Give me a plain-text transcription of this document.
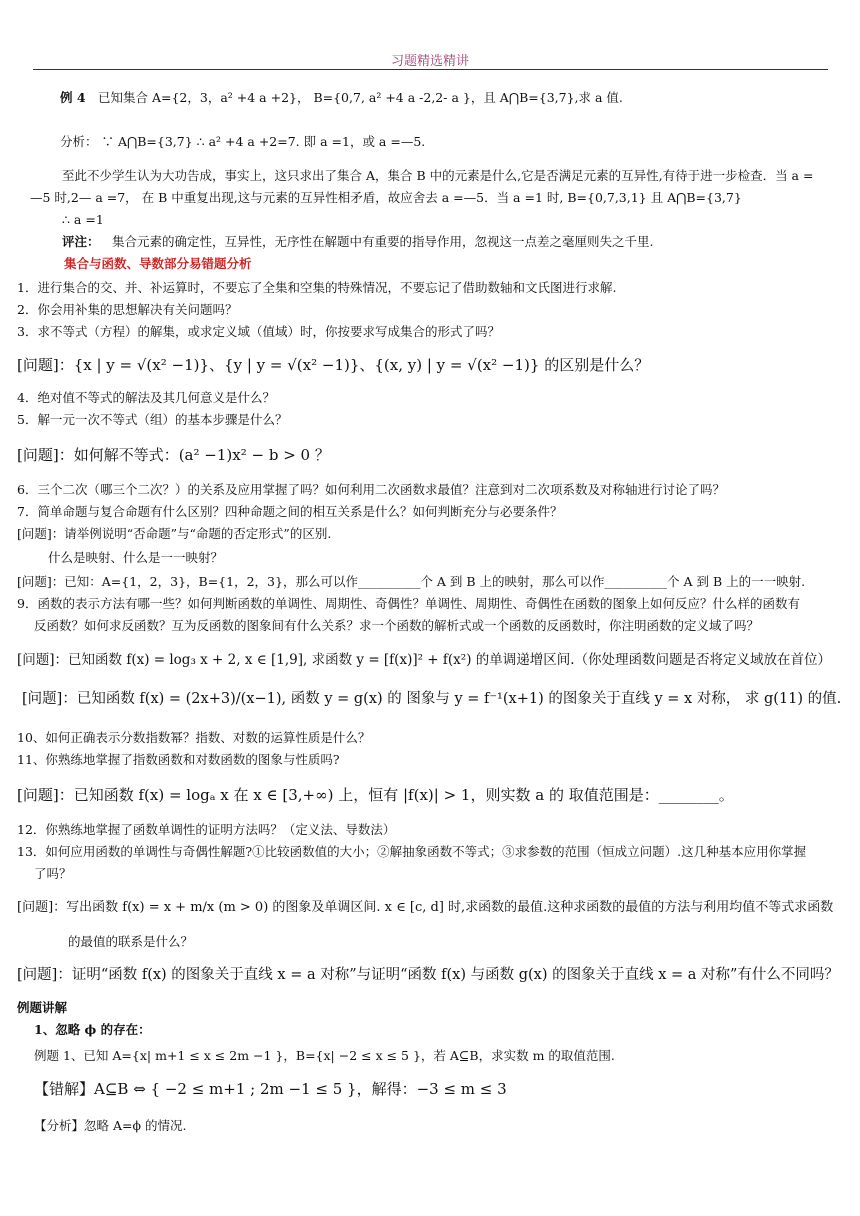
习题精选精讲
例 4 已知集合 A={2，3，a² +4 a +2}， B={0,7, a² +4 a -2,2- a }，且 A⋂B={3,7},求 a 值.
分析： ∵ A⋂B={3,7} ∴ a² +4 a +2=7. 即 a =1，或 a =—5.
至此不少学生认为大功告成，事实上，这只求出了集合 A，集合 B 中的元素是什么,它是否满足元素的互异性,有待于进一步检查．当 a =
—5 时,2— a =7， 在 B 中重复出现,这与元素的互异性相矛盾，故应舍去 a =—5．当 a =1 时, B={0,7,3,1} 且 A⋂B={3,7}
∴ a =1
评注： 集合元素的确定性，互异性，无序性在解题中有重要的指导作用，忽视这一点差之毫厘则失之千里.
集合与函数、导数部分易错题分析
1．进行集合的交、并、补运算时，不要忘了全集和空集的特殊情况，不要忘记了借助数轴和文氏图进行求解.
2．你会用补集的思想解决有关问题吗？
3．求不等式（方程）的解集，或求定义域（值域）时，你按要求写成集合的形式了吗？
[问题]：{x | y = √(x² −1)}、{y | y = √(x² −1)}、{(x, y) | y = √(x² −1)} 的区别是什么？
4．绝对值不等式的解法及其几何意义是什么？
5．解一元一次不等式（组）的基本步骤是什么？
[问题]：如何解不等式：(a² −1)x² − b > 0 ？
6．三个二次（哪三个二次？）的关系及应用掌握了吗？如何利用二次函数求最值？注意到对二次项系数及对称轴进行讨论了吗？
7．简单命题与复合命题有什么区别？四种命题之间的相互关系是什么？如何判断充分与必要条件？
[问题]：请举例说明“否命题”与“命题的否定形式”的区别.
什么是映射、什么是一一映射？
[问题]：已知：A={1，2，3}，B={1，2，3}，那么可以作__________个 A 到 B 上的映射，那么可以作__________个 A 到 B 上的一一映射.
9．函数的表示方法有哪一些？如何判断函数的单调性、周期性、奇偶性？单调性、周期性、奇偶性在函数的图象上如何反应？什么样的函数有
反函数？如何求反函数？互为反函数的图象间有什么关系？求一个函数的解析式或一个函数的反函数时，你注明函数的定义域了吗？
[问题]：已知函数 f(x) = log₃ x + 2, x ∈ [1,9], 求函数 y = [f(x)]² + f(x²) 的单调递增区间.（你处理函数问题是否将定义域放在首位）
[问题]：已知函数 f(x) = (2x+3)/(x−1), 函数 y = g(x) 的 图象与 y = f⁻¹(x+1) 的图象关于直线 y = x 对称， 求 g(11) 的值.
10、如何正确表示分数指数幂？指数、对数的运算性质是什么？
11、你熟练地掌握了指数函数和对数函数的图象与性质吗?
[问题]：已知函数 f(x) = logₐ x 在 x ∈ [3,+∞) 上，恒有 |f(x)| > 1，则实数 a 的 取值范围是：________。
12．你熟练地掌握了函数单调性的证明方法吗？（定义法、导数法）
13．如何应用函数的单调性与奇偶性解题?①比较函数值的大小；②解抽象函数不等式；③求参数的范围（恒成立问题）.这几种基本应用你掌握
了吗？
[问题]：写出函数 f(x) = x + m/x (m > 0) 的图象及单调区间. x ∈ [c, d] 时,求函数的最值.这种求函数的最值的方法与利用均值不等式求函数
的最值的联系是什么？
[问题]：证明“函数 f(x) 的图象关于直线 x = a 对称”与证明“函数 f(x) 与函数 g(x) 的图象关于直线 x = a 对称”有什么不同吗？
例题讲解
1、忽略 ϕ 的存在：
例题 1、已知 A={x| m+1 ≤ x ≤ 2m −1 }，B={x| −2 ≤ x ≤ 5 }，若 A⊆B，求实数 m 的取值范围.
【错解】A⊆B ⇔ { −2 ≤ m+1 ; 2m −1 ≤ 5 }，解得：−3 ≤ m ≤ 3
【分析】忽略 A=ϕ 的情况.
